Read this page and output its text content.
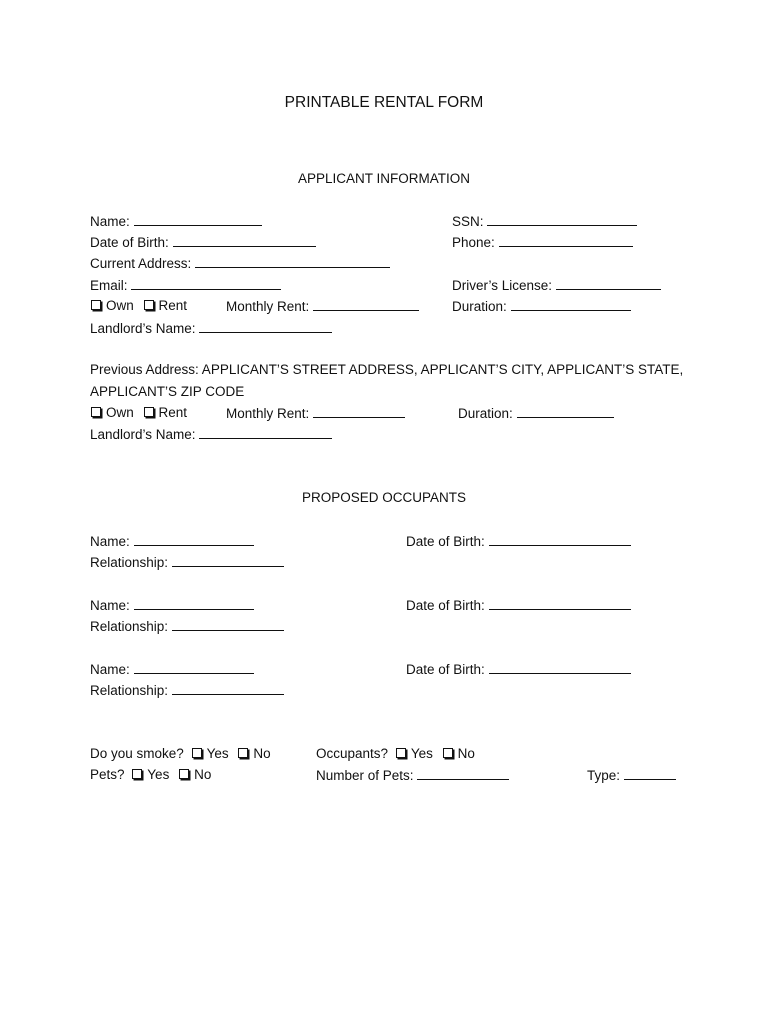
PRINTABLE RENTAL FORM
APPLICANT INFORMATION
Name:	SSN:
Date of Birth:	Phone:
Current Address:
Email:	Driver’s License:
Own Rent	Monthly Rent:	Duration:
Landlord’s Name:
Previous Address: APPLICANT’S STREET ADDRESS, APPLICANT’S CITY, APPLICANT’S STATE,
APPLICANT’S ZIP CODE
Own Rent	Monthly Rent:	Duration:
Landlord’s Name:
PROPOSED OCCUPANTS
Name:	Date of Birth:
Relationship:
Name:	Date of Birth:
Relationship:
Name:	Date of Birth:
Relationship:
Do you smoke? Yes No	Occupants? Yes No
Pets? Yes No	Number of Pets:	Type:
